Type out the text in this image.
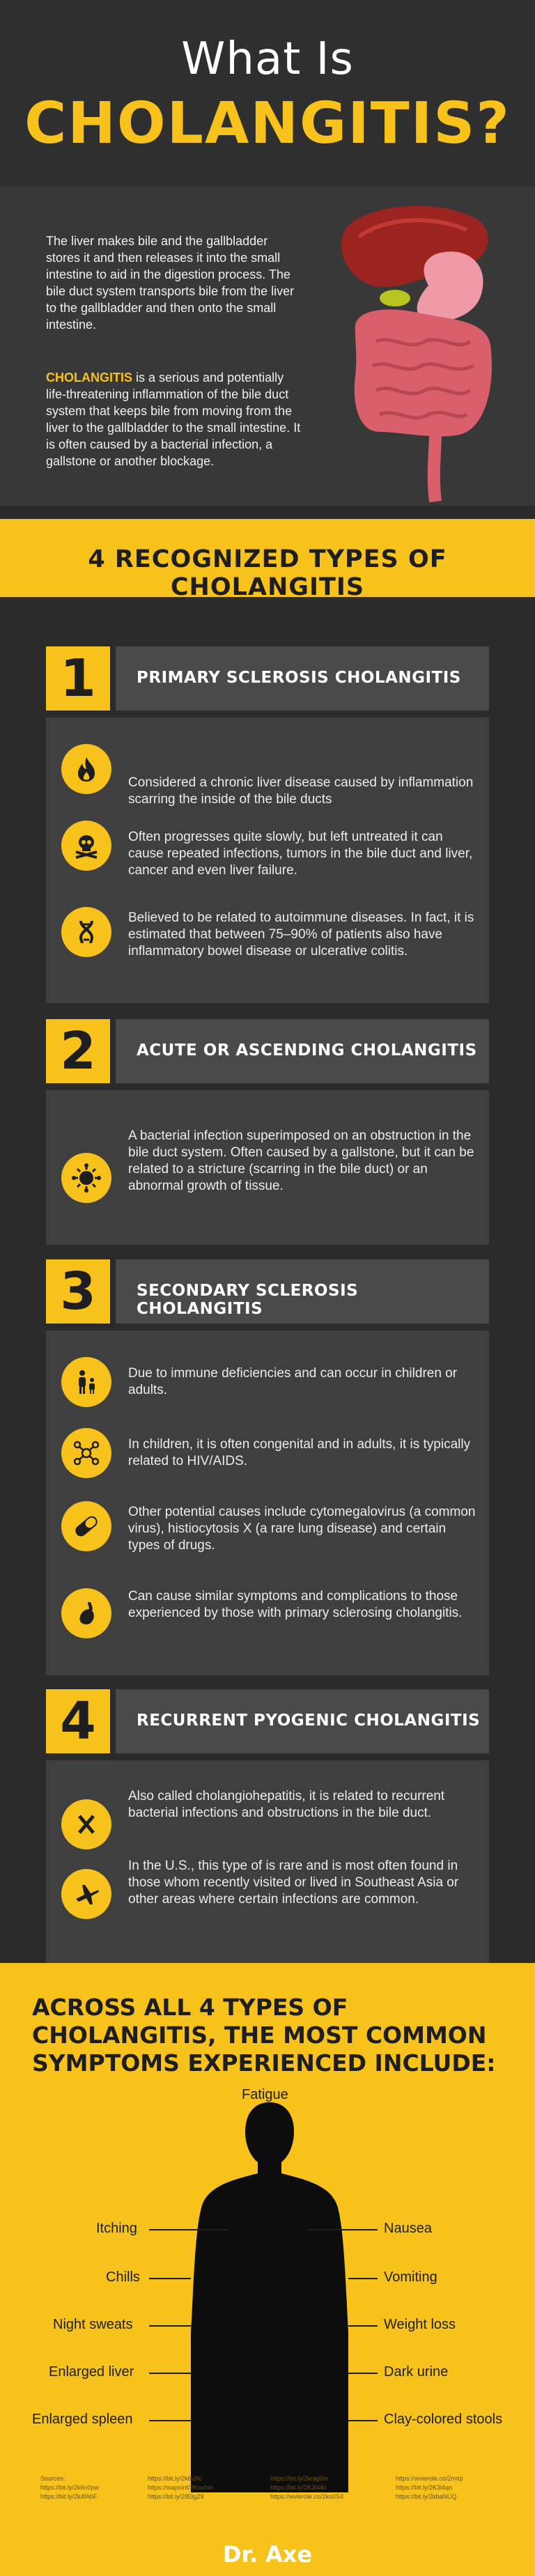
What Is
CHOLANGITIS?

The liver makes bile and the gallbladder stores it and then releases it into the small intestine to aid in the digestion process. The bile duct system transports bile from the liver to the gallbladder and then onto the small intestine.

CHOLANGITIS is a serious and potentially life-threatening inflammation of the bile duct system that keeps bile from moving from the liver to the gallbladder to the small intestine. It is often caused by a bacterial infection, a gallstone or another blockage.

4 RECOGNIZED TYPES OF CHOLANGITIS
1	PRIMARY SCLEROSIS CHOLANGITIS
Considered a chronic liver disease caused by inflammation scarring the inside of the bile ducts
Often progresses quite slowly, but left untreated it can cause repeated infections, tumors in the bile duct and liver, cancer and even liver failure.
Believed to be related to autoimmune diseases. In fact, it is estimated that between 75–90% of patients also have inflammatory bowel disease or ulcerative colitis.
2	ACUTE OR ASCENDING CHOLANGITIS
A bacterial infection superimposed on an obstruction in the bile duct system. Often caused by a gallstone, but it can be related to a stricture (scarring in the bile duct) or an abnormal growth of tissue.
3	SECONDARY SCLEROSIS CHOLANGITIS
Due to immune deficiencies and can occur in children or adults.
In children, it is often congenital and in adults, it is typically related to HIV/AIDS.
Other potential causes include cytomegalovirus (a common virus), histiocytosis X (a rare lung disease) and certain types of drugs.
Can cause similar symptoms and complications to those experienced by those with primary sclerosing cholangitis.
4	RECURRENT PYOGENIC CHOLANGITIS
Also called cholangiohepatitis, it is related to recurrent bacterial infections and obstructions in the bile duct.
In the U.S., this type of is rare and is most often found in those whom recently visited or lived in Southeast Asia or other areas where certain infections are common.
ACROSS ALL 4 TYPES OF CHOLANGITIS, THE MOST COMMON SYMPTOMS EXPERIENCED INCLUDE:
Fatigue
Itching
Chills
Night sweats
Enlarged liver
Enlarged spleen
Nausea
Vomiting
Weight loss
Dark urine
Clay-colored stools
Sources:
https://bit.ly/2k6n0pw
https://bit.ly/2k4fAbF
https://bit.ly/2k6uXc
https://wapoint/2Koxhm
https://bit.ly/2I83g29
https://bit.ly/2krag0m
https://bit.ly/2K3l44v
https://wvierole.co/2ko0S4
https://wvierole.co/2mtqi
https://bit.ly/2K3l4qn
https://bit.ly/2kbaNUQ
Dr. Axe
